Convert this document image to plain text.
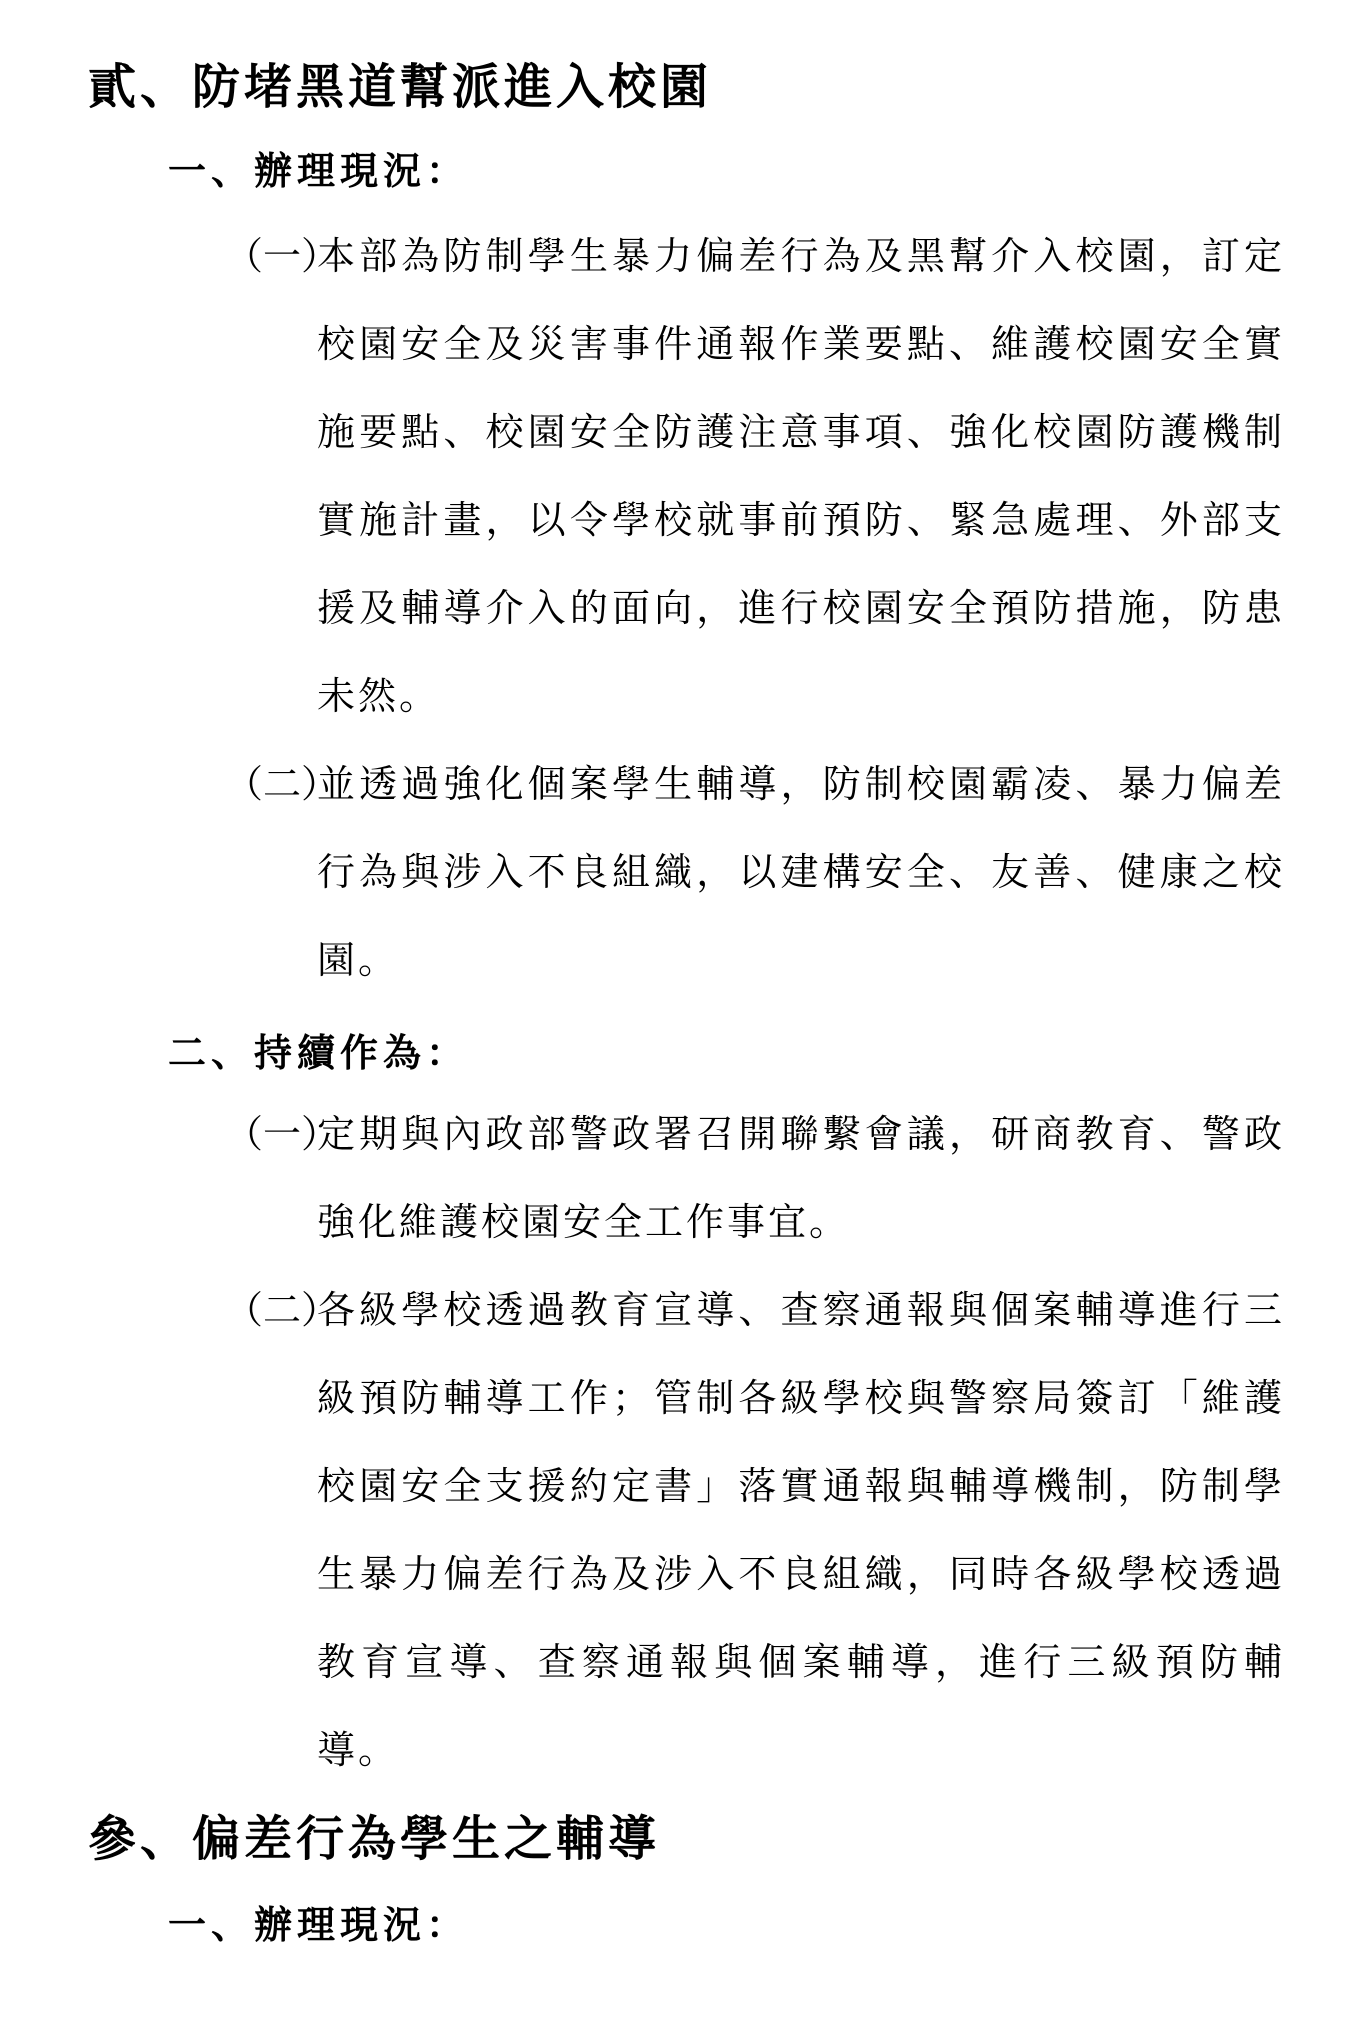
貳、防堵黑道幫派進入校園
一、辦理現況：
（一）

本部為防制學生暴力偏差行為及黑幫介入校園，訂定校園安全及災害事件通報作業要點、維護校園安全實施要點、校園安全防護注意事項、強化校園防護機制實施計畫，以令學校就事前預防、緊急處理、外部支援及輔導介入的面向，進行校園安全預防措施，防患未然。

（二）

並透過強化個案學生輔導，防制校園霸凌、暴力偏差行為與涉入不良組織，以建構安全、友善、健康之校園。

二、持續作為：
（一）

定期與內政部警政署召開聯繫會議，研商教育、警政強化維護校園安全工作事宜。

（二）

各級學校透過教育宣導、查察通報與個案輔導進行三級預防輔導工作；管制各級學校與警察局簽訂「維護校園安全支援約定書」落實通報與輔導機制，防制學生暴力偏差行為及涉入不良組織，同時各級學校透過教育宣導、查察通報與個案輔導，進行三級預防輔導。

參、偏差行為學生之輔導
一、辦理現況：
